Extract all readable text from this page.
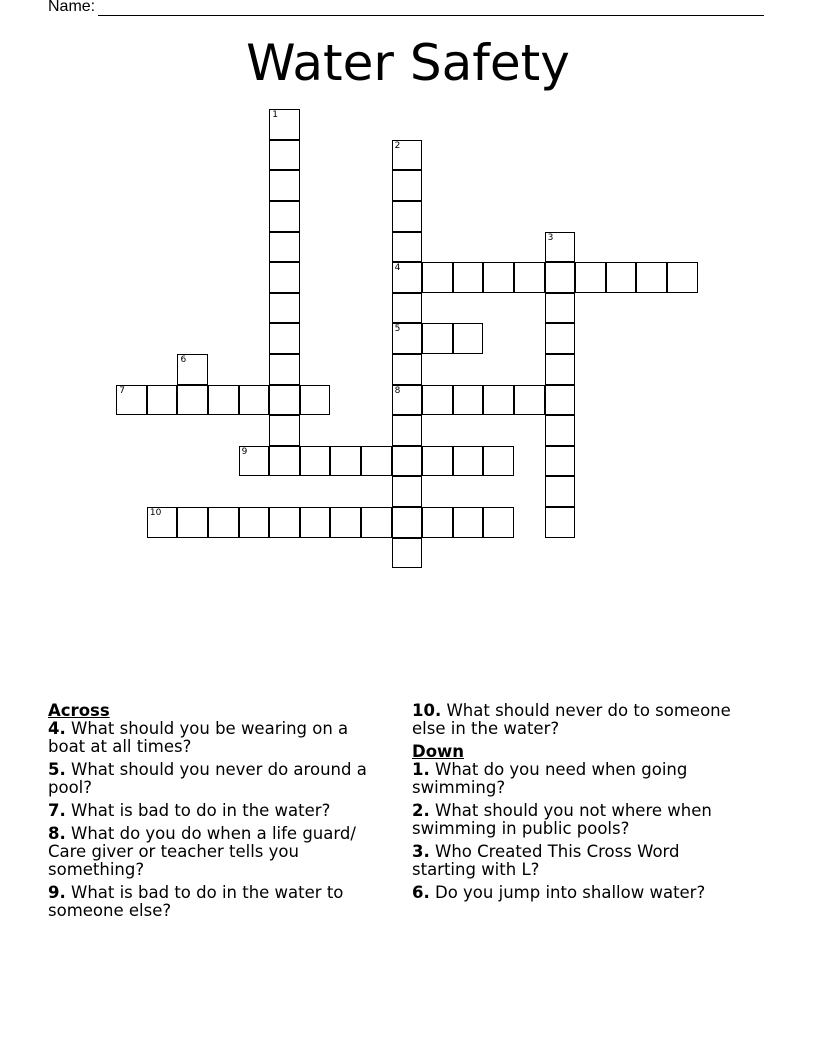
Name:
Water Safety
1
2
4
5
8
3
6
7
9
10
Across
4. What should you be wearing on a boat at all times?
5. What should you never do around a pool?
7. What is bad to do in the water?
8. What do you do when a life guard/ Care giver or teacher tells you something?
9. What is bad to do in the water to someone else?
10. What should never do to someone else in the water?
Down
1. What do you need when going swimming?
2. What should you not where when swimming in public pools?
3. Who Created This Cross Word starting with L?
6. Do you jump into shallow water?
